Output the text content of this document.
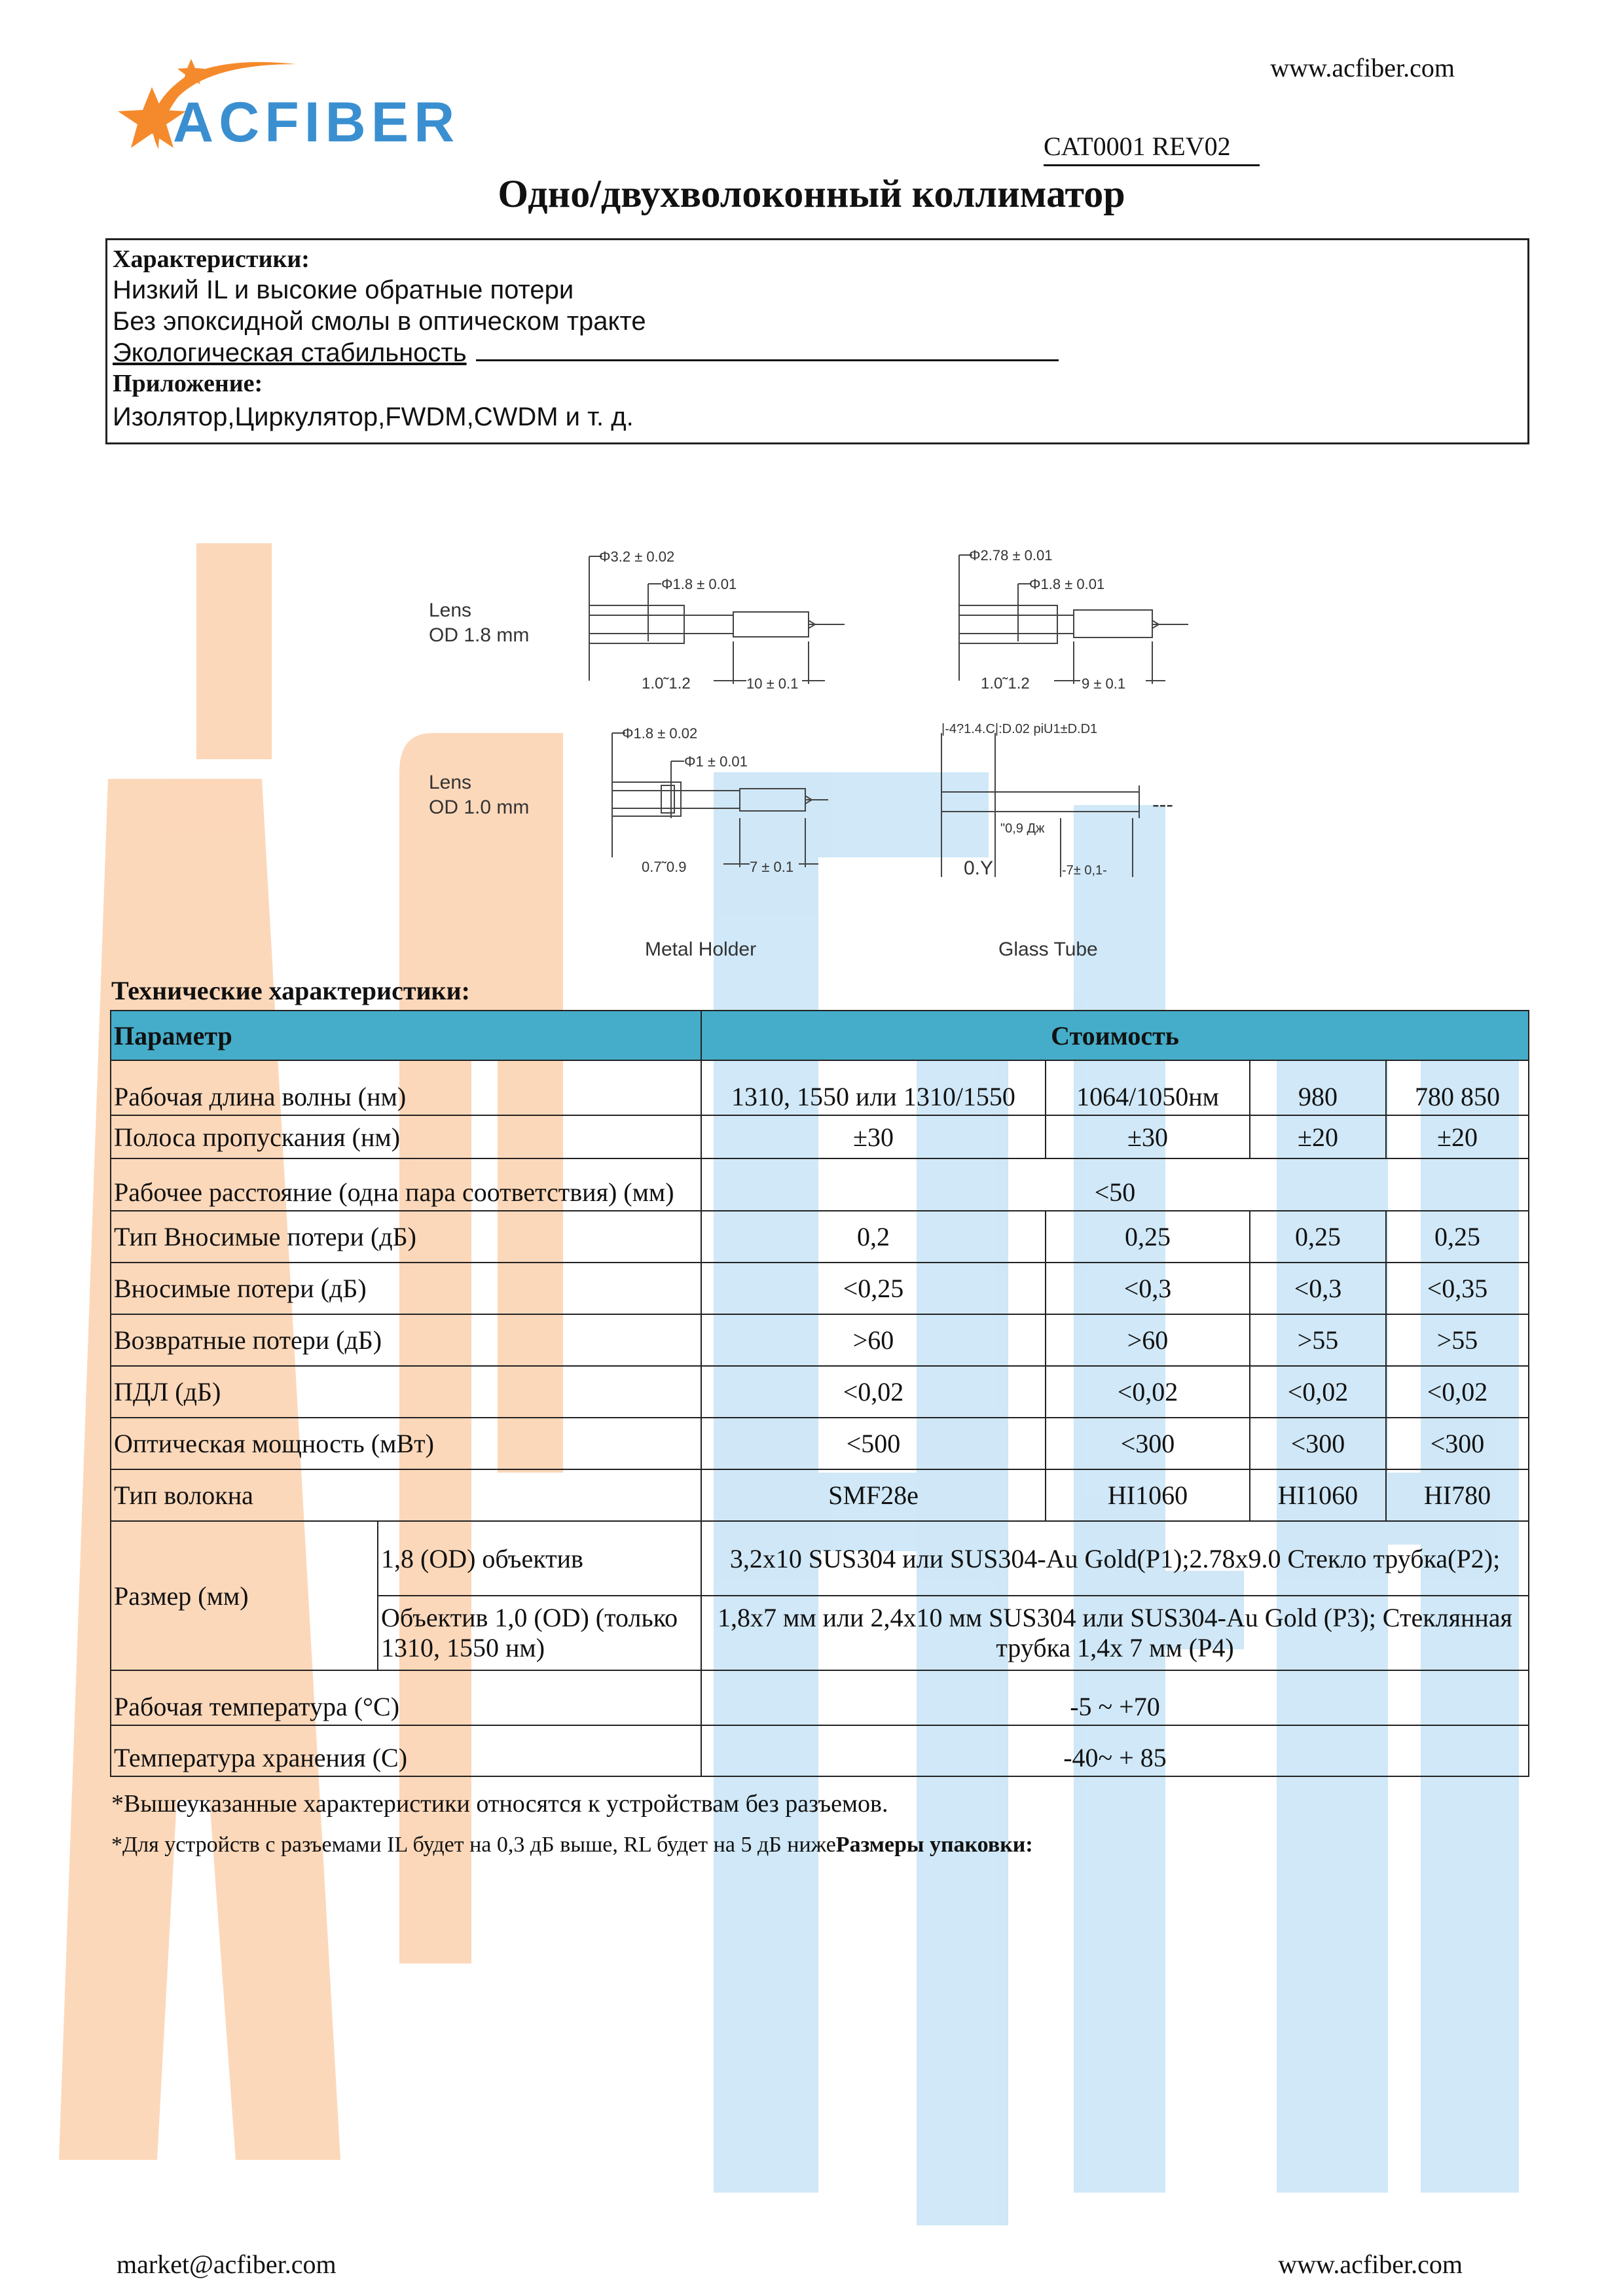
www.acfiber.com
ACFIBER	CAT0001 REV02
Одно/двухволоконный коллиматор
Характеристики:
Низкий IL и высокие обратные потери
Без эпоксидной смолы в оптическом тракте
Экологическая стабильность
Приложение:
Изолятор,Циркулятор,FWDM,CWDM и т. д.
Lens
OD 1.8 mm
Φ3.2 ± 0.02
Φ1.8 ± 0.01
1.0˜1.2	10 ± 0.1
Φ2.78 ± 0.01
Φ1.8 ± 0.01
1.0˜1.2	9 ± 0.1
Lens
OD 1.0 mm
Φ1.8 ± 0.02
Φ1 ± 0.01
0.7˜0.9	7 ± 0.1
|-4?1.4.C|:D.02 piU1±D.D1
"0,9 Дж
---
0.Y	-7± 0,1-
Metal Holder	Glass Tube
Технические характеристики:
Параметр		Стоимость			
Рабочая длина волны (нм)		1310, 1550 или 1310/1550	1064/1050нм	980	780 850
Полоса пропускания (нм)		±30	±30	±20	±20
Рабочее расстояние (одна пара соответствия) (мм)		<50			
Тип Вносимые потери (дБ)		0,2	0,25	0,25	0,25
Вносимые потери (дБ)		<0,25	<0,3	<0,3	<0,35
Возвратные потери (дБ)		>60	>60	>55	>55
ПДЛ (дБ)		<0,02	<0,02	<0,02	<0,02
Оптическая мощность (мВт)		<500	<300	<300	<300
Тип волокна		SMF28e	HI1060	HI1060	HI780
Размер (мм)	1,8 (OD) объектив	3,2x10 SUS304 или SUS304-Au Gold(P1);2.78x9.0 Стекло трубка(P2);			
	Объектив 1,0 (OD) (только 1310, 1550 нм)	1,8x7 мм или 2,4x10 мм SUS304 или SUS304-Au Gold (P3); Стеклянная трубка 1,4x 7 мм (P4)			
Рабочая температура (°С)		-5 ~ +70			
Температура хранения (C)		-40~ + 85			
*Вышеуказанные характеристики относятся к устройствам без разъемов.
*Для устройств с разъемами IL будет на 0,3 дБ выше, RL будет на 5 дБ нижеРазмеры упаковки:
market@acfiber.com	www.acfiber.com
